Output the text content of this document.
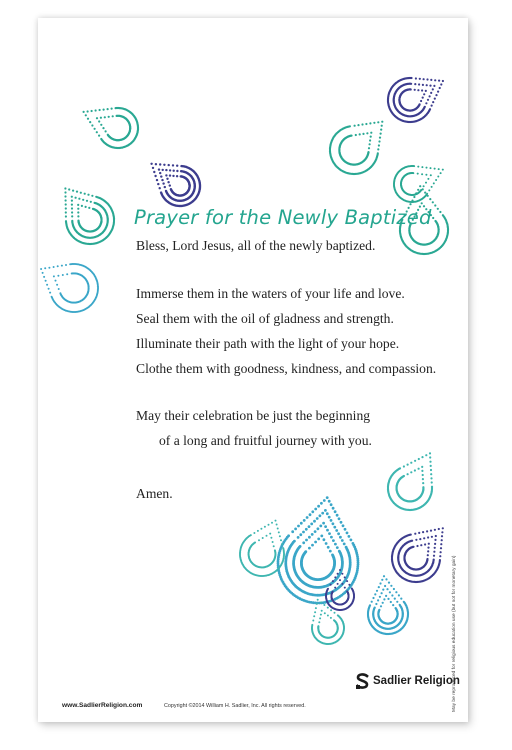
Prayer for the Newly Baptized
Bless, Lord Jesus, all of the newly baptized.
Immerse them in the waters of your life and love.
Seal them with the oil of gladness and strength.
Illuminate their path with the light of your hope.
Clothe them with goodness, kindness, and compassion.
May their celebration be just the beginning
of a long and fruitful journey with you.
Amen.
www.SadlierReligion.com	Copyright ©2014 William H. Sadlier, Inc. All rights reserved.
Sadlier Religion
May be reproduced for religious education use (but not for monetary gain)
